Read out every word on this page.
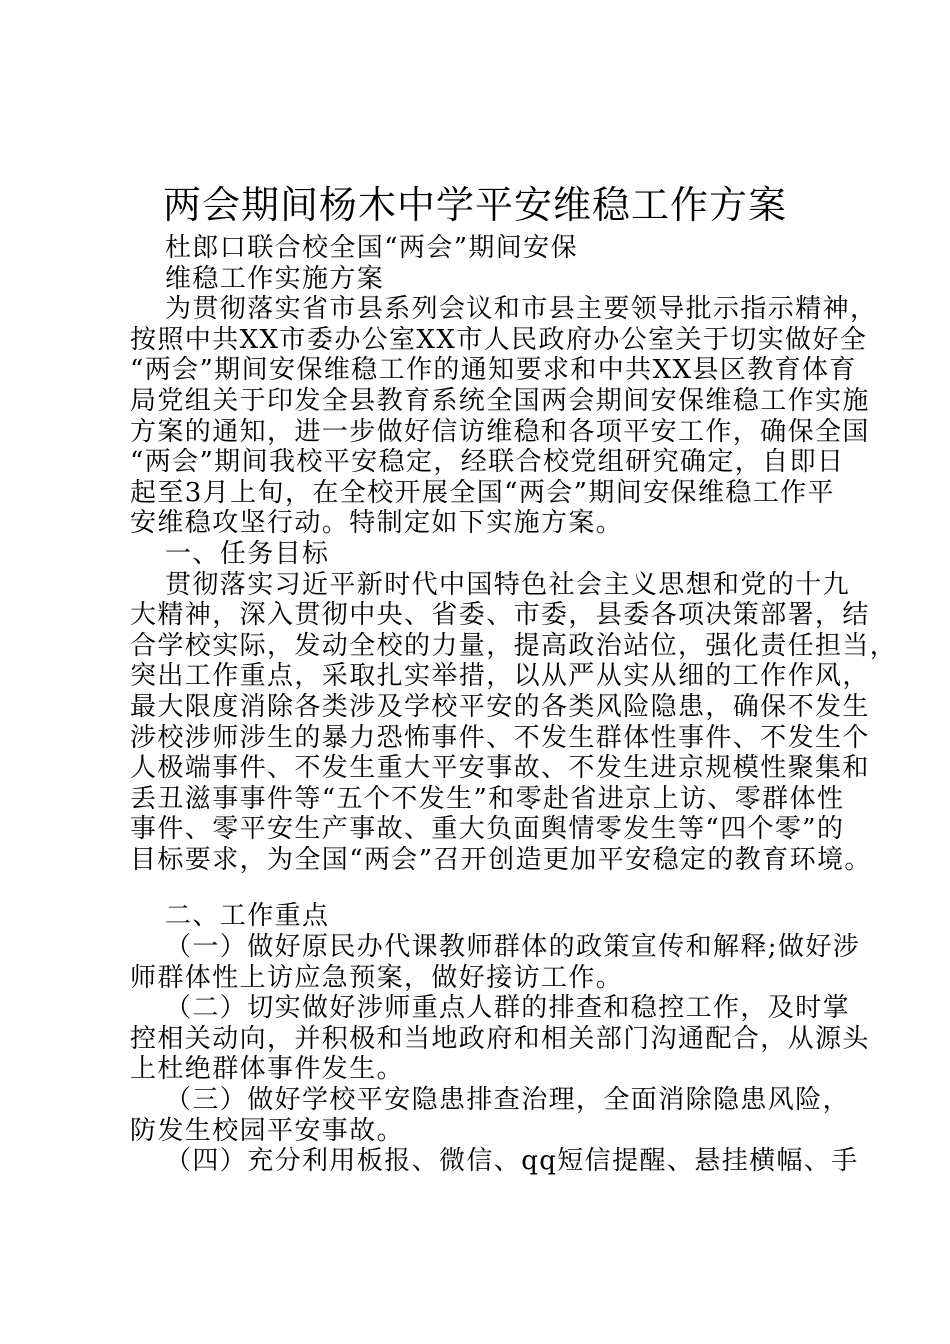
两会期间杨木中学平安维稳工作方案
杜郎口联合校全国“两会”期间安保
维稳工作实施方案
为贯彻落实省市县系列会议和市县主要领导批示指示精神，
按照中共XX市委办公室XX市人民政府办公室关于切实做好全
“两会”期间安保维稳工作的通知要求和中共XX县区教育体育
局党组关于印发全县教育系统全国两会期间安保维稳工作实施
方案的通知，进一步做好信访维稳和各项平安工作，确保全国
“两会”期间我校平安稳定，经联合校党组研究确定，自即日
起至3月上旬，在全校开展全国“两会”期间安保维稳工作平
安维稳攻坚行动。特制定如下实施方案。
一、任务目标
贯彻落实习近平新时代中国特色社会主义思想和党的十九
大精神，深入贯彻中央、省委、市委，县委各项决策部署，结
合学校实际，发动全校的力量，提高政治站位，强化责任担当，
突出工作重点，采取扎实举措，以从严从实从细的工作作风，
最大限度消除各类涉及学校平安的各类风险隐患，确保不发生
涉校涉师涉生的暴力恐怖事件、不发生群体性事件、不发生个
人极端事件、不发生重大平安事故、不发生进京规模性聚集和
丢丑滋事事件等“五个不发生”和零赴省进京上访、零群体性
事件、零平安生产事故、重大负面舆情零发生等“四个零”的
目标要求，为全国“两会”召开创造更加平安稳定的教育环境。
二、工作重点
（一）做好原民办代课教师群体的政策宣传和解释;做好涉
师群体性上访应急预案，做好接访工作。
（二）切实做好涉师重点人群的排查和稳控工作，及时掌
控相关动向，并积极和当地政府和相关部门沟通配合，从源头
上杜绝群体事件发生。
（三）做好学校平安隐患排查治理，全面消除隐患风险，
防发生校园平安事故。
（四）充分利用板报、微信、qq短信提醒、悬挂横幅、手
